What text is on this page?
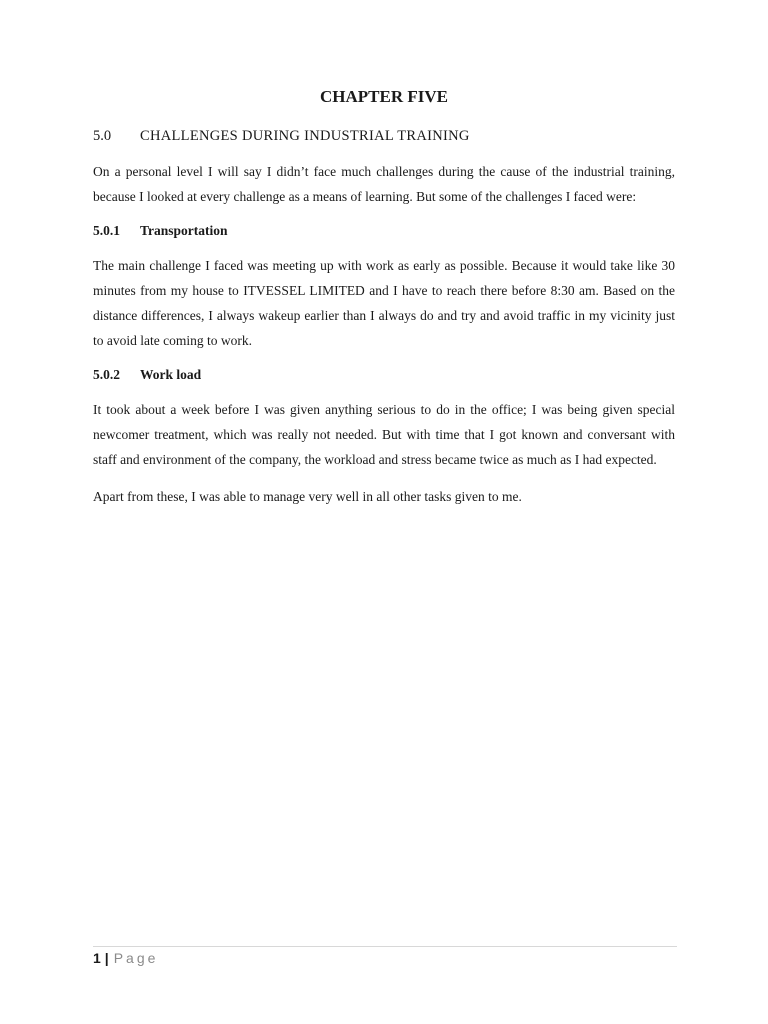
CHAPTER FIVE
5.0	CHALLENGES DURING INDUSTRIAL TRAINING

On a personal level I will say I didn’t face much challenges during the cause of the industrial training, because I looked at every challenge as a means of learning. But some of the challenges I faced were:

5.0.1	Transportation

The main challenge I faced was meeting up with work as early as possible. Because it would take like 30 minutes from my house to ITVESSEL LIMITED and I have to reach there before 8:30 am. Based on the distance differences, I always wakeup earlier than I always do and try and avoid traffic in my vicinity just to avoid late coming to work.

5.0.2	Work load

It took about a week before I was given anything serious to do in the office; I was being given special newcomer treatment, which was really not needed. But with time that I got known and conversant with staff and environment of the company, the workload and stress became twice as much as I had expected.

Apart from these, I was able to manage very well in all other tasks given to me.

1 | Page
